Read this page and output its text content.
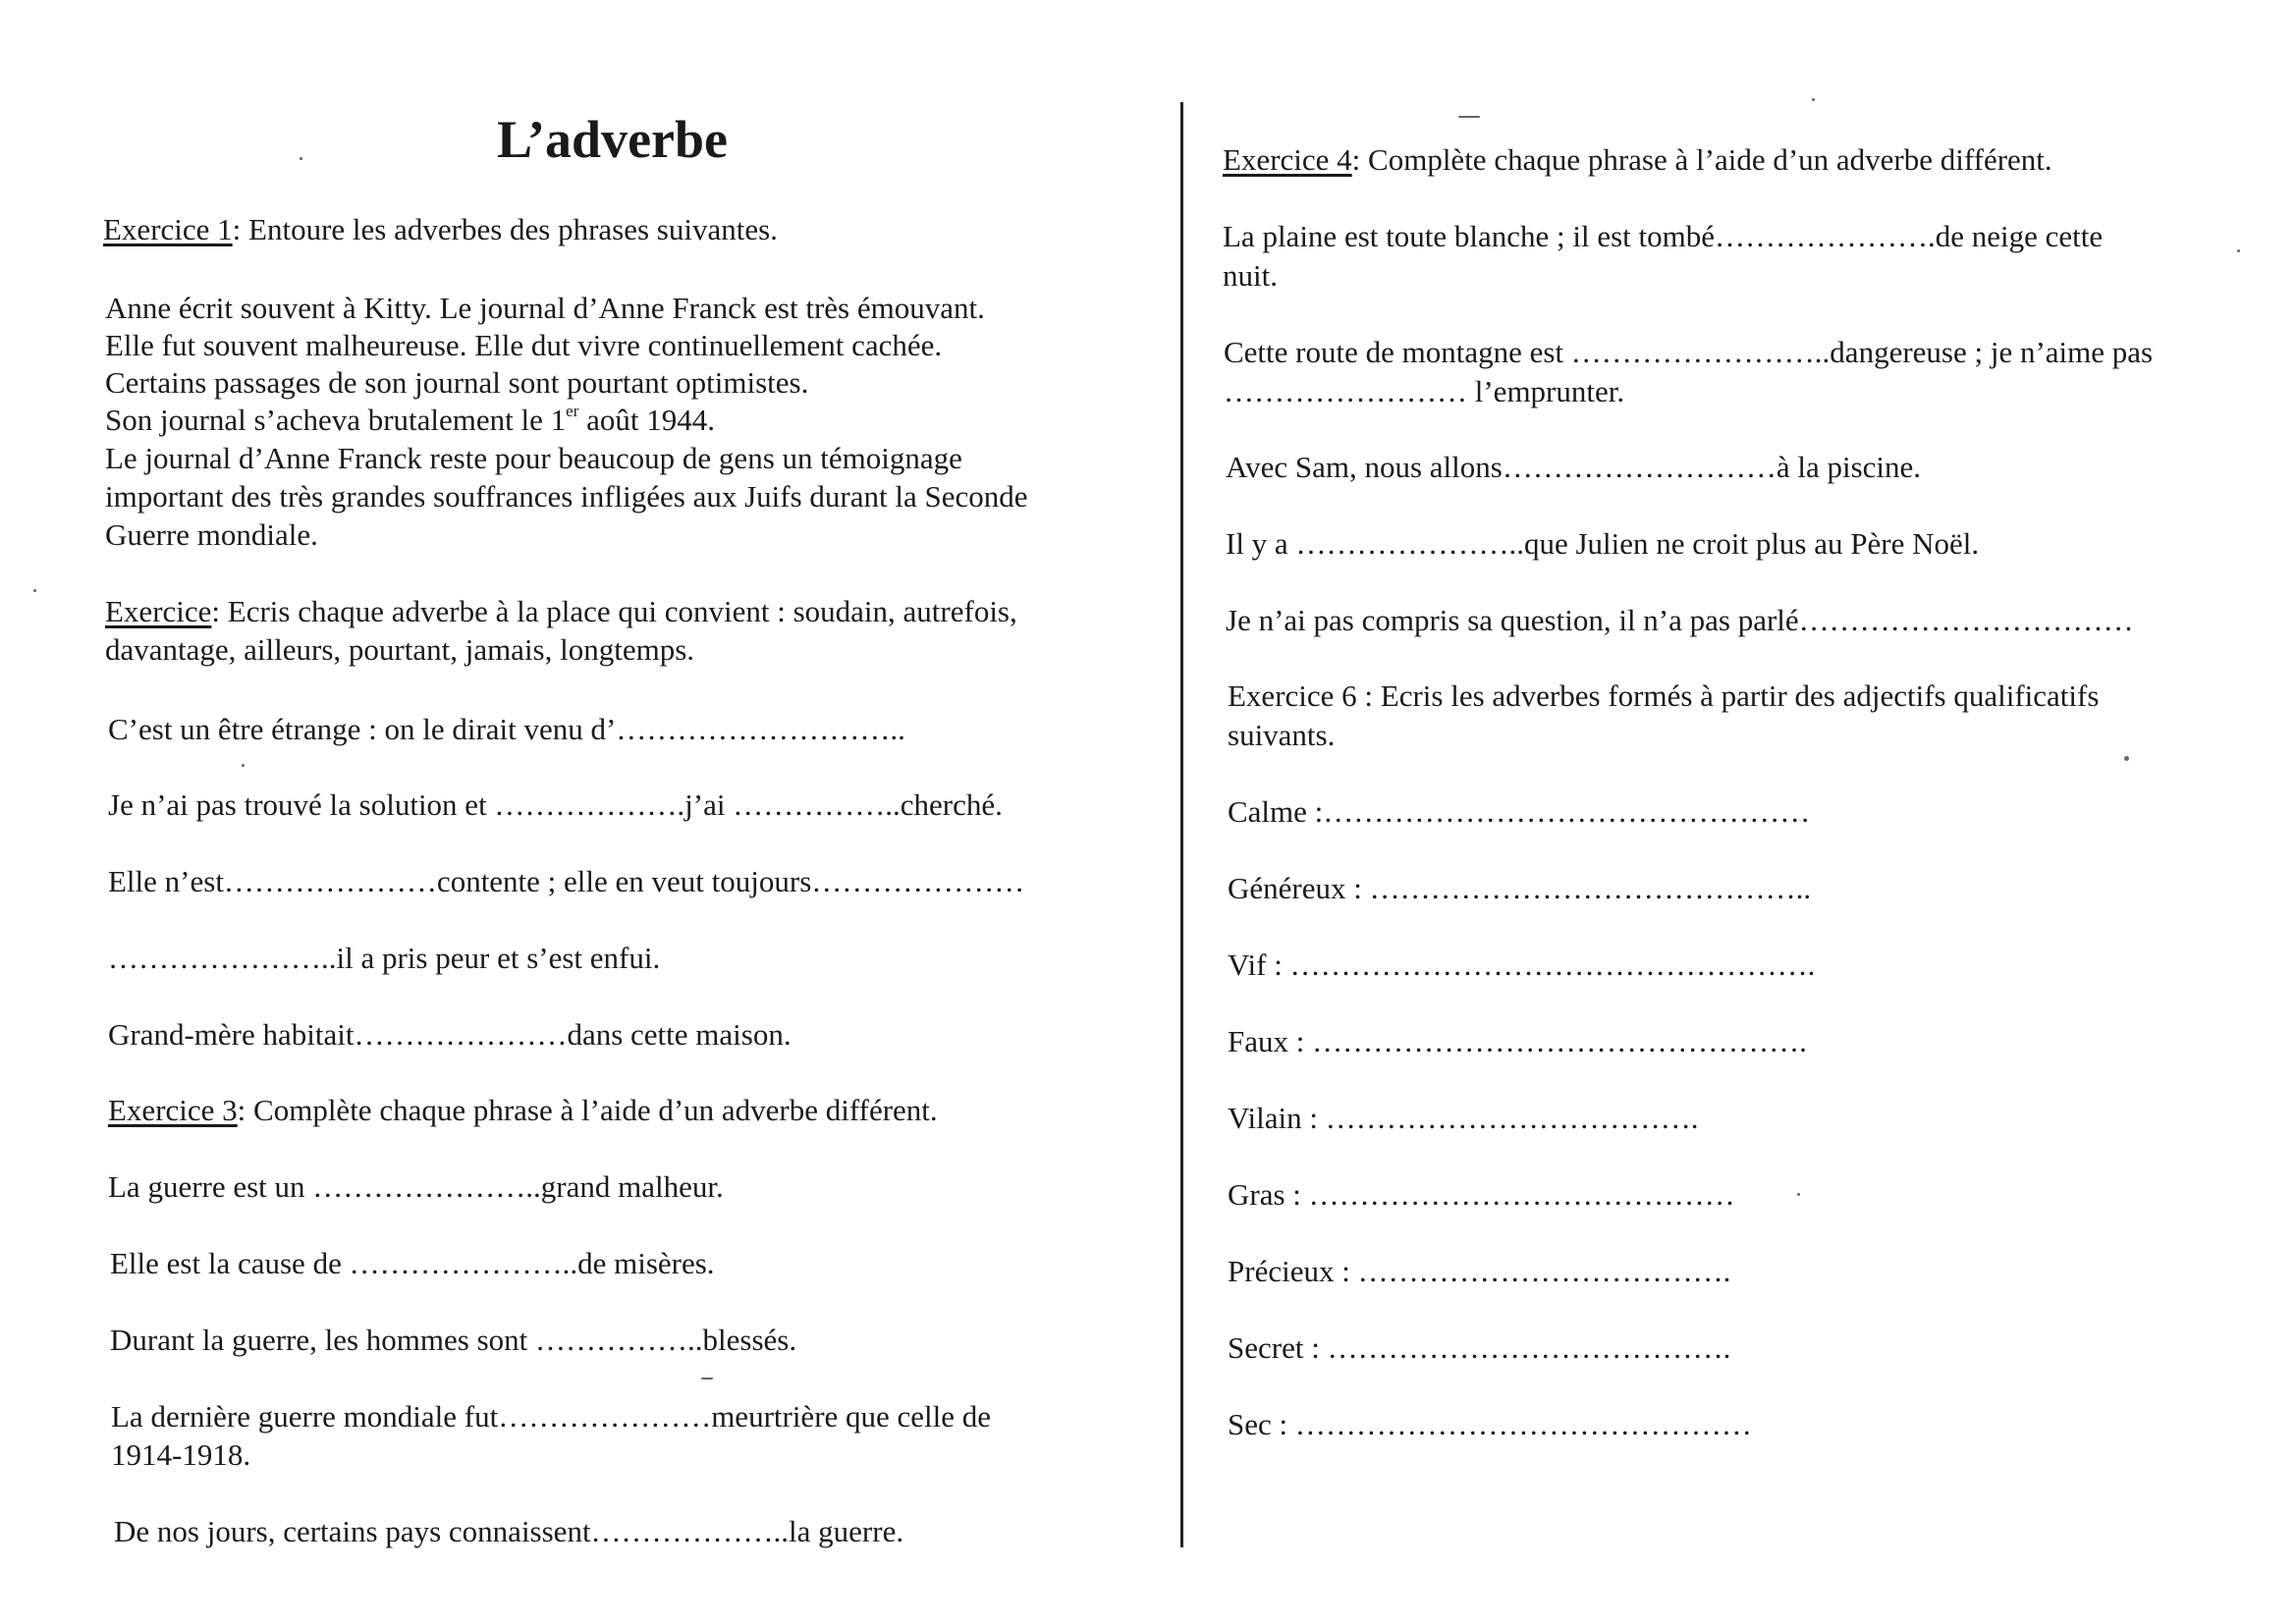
L’adverbe
Exercice 1: Entoure les adverbes des phrases suivantes.
Anne écrit souvent à Kitty. Le journal d’Anne Franck est très émouvant.
Elle fut souvent malheureuse. Elle dut vivre continuellement cachée.
Certains passages de son journal sont pourtant optimistes.
Son journal s’acheva brutalement le 1er août 1944.
Le journal d’Anne Franck reste pour beaucoup de gens un témoignage
important des très grandes souffrances infligées aux Juifs durant la Seconde
Guerre mondiale.
Exercice: Ecris chaque adverbe à la place qui convient : soudain, autrefois,
davantage, ailleurs, pourtant, jamais, longtemps.
C’est un être étrange : on le dirait venu d’………………………..
Je n’ai pas trouvé la solution et ……………….j’ai ……………..cherché.
Elle n’est…………………contente ; elle en veut toujours…………………
…………………..il a pris peur et s’est enfui.
Grand-mère habitait…………………dans cette maison.
Exercice 3: Complète chaque phrase à l’aide d’un adverbe différent.
La guerre est un …………………..grand malheur.
Elle est la cause de …………………..de misères.
Durant la guerre, les hommes sont ……………..blessés.
La dernière guerre mondiale fut…………………meurtrière que celle de
1914-1918.
De nos jours, certains pays connaissent………………..la guerre.
Exercice 4: Complète chaque phrase à l’aide d’un adverbe différent.
La plaine est toute blanche ; il est tombé………………….de neige cette
nuit.
Cette route de montagne est ……………………..dangereuse ; je n’aime pas
…………………… l’emprunter.
Avec Sam, nous allons………………………à la piscine.
Il y a …………………..que Julien ne croit plus au Père Noël.
Je n’ai pas compris sa question, il n’a pas parlé……………………………
Exercice 6 : Ecris les adverbes formés à partir des adjectifs qualificatifs
suivants.
Calme :…………………………………………
Généreux : ……………………………………..
Vif : …………………………………………….
Faux : ………………………………………….
Vilain : ……………………………….
Gras : ……………………………………
Précieux : ……………………………….
Secret : ………………………………….
Sec : ………………………………………
